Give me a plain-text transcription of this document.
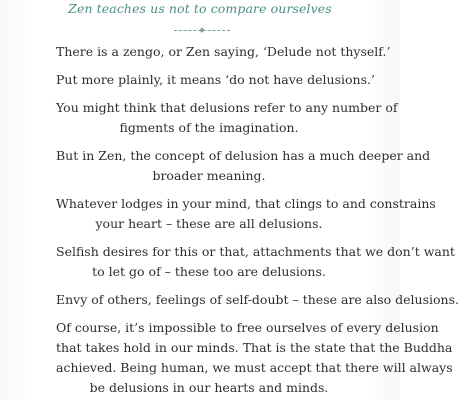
Zen teaches us not to compare ourselves
◆

There is a zengo, or Zen saying, ‘Delude not thyself.’

Put more plainly, it means ‘do not have delusions.’

You might think that delusions refer to any number of
figments of the imagination.

But in Zen, the concept of delusion has a much deeper and
broader meaning.

Whatever lodges in your mind, that clings to and constrains
your heart – these are all delusions.

Selfish desires for this or that, attachments that we don’t want
to let go of – these too are delusions.

Envy of others, feelings of self-doubt – these are also delusions.

Of course, it’s impossible to free ourselves of every delusion
that takes hold in our minds. That is the state that the Buddha
achieved. Being human, we must accept that there will always
be delusions in our hearts and minds.
